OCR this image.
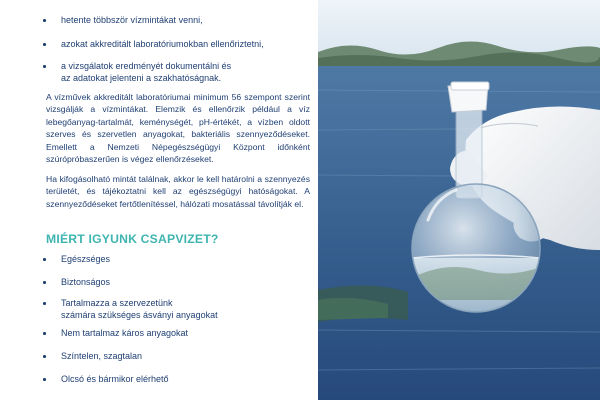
hetente többször vízmintákat venni,
azokat akkreditált laboratóriumokban ellenőriztetni,
a vizsgálatok eredményét dokumentálni és
az adatokat jelenteni a szakhatóságnak.

A vízművek akkreditált laboratóriumai minimum 56 szempont szerint vizsgálják a vízmintákat. Elemzik és ellenőrzik például a víz lebegőanyag-tartalmát, keménységét, pH-értékét, a vízben oldott szerves és szervetlen anyagokat, bakteriális szennyeződéseket. Emellett a Nemzeti Népegészségügyi Központ időnként szúrópróbaszerűen is végez ellenőrzéseket.

Ha kifogásolható mintát találnak, akkor le kell határolni a szennyezés területét, és tájékoztatni kell az egészségügyi hatóságokat. A szennyeződéseket fertőtlenítéssel, hálózati mosatással távolítják el.

MIÉRT IGYUNK CSAPVIZET?
Egészséges
Biztonságos
Tartalmazza a szervezetünk
számára szükséges ásványi anyagokat
Nem tartalmaz káros anyagokat
Színtelen, szagtalan
Olcsó és bármikor elérhető
